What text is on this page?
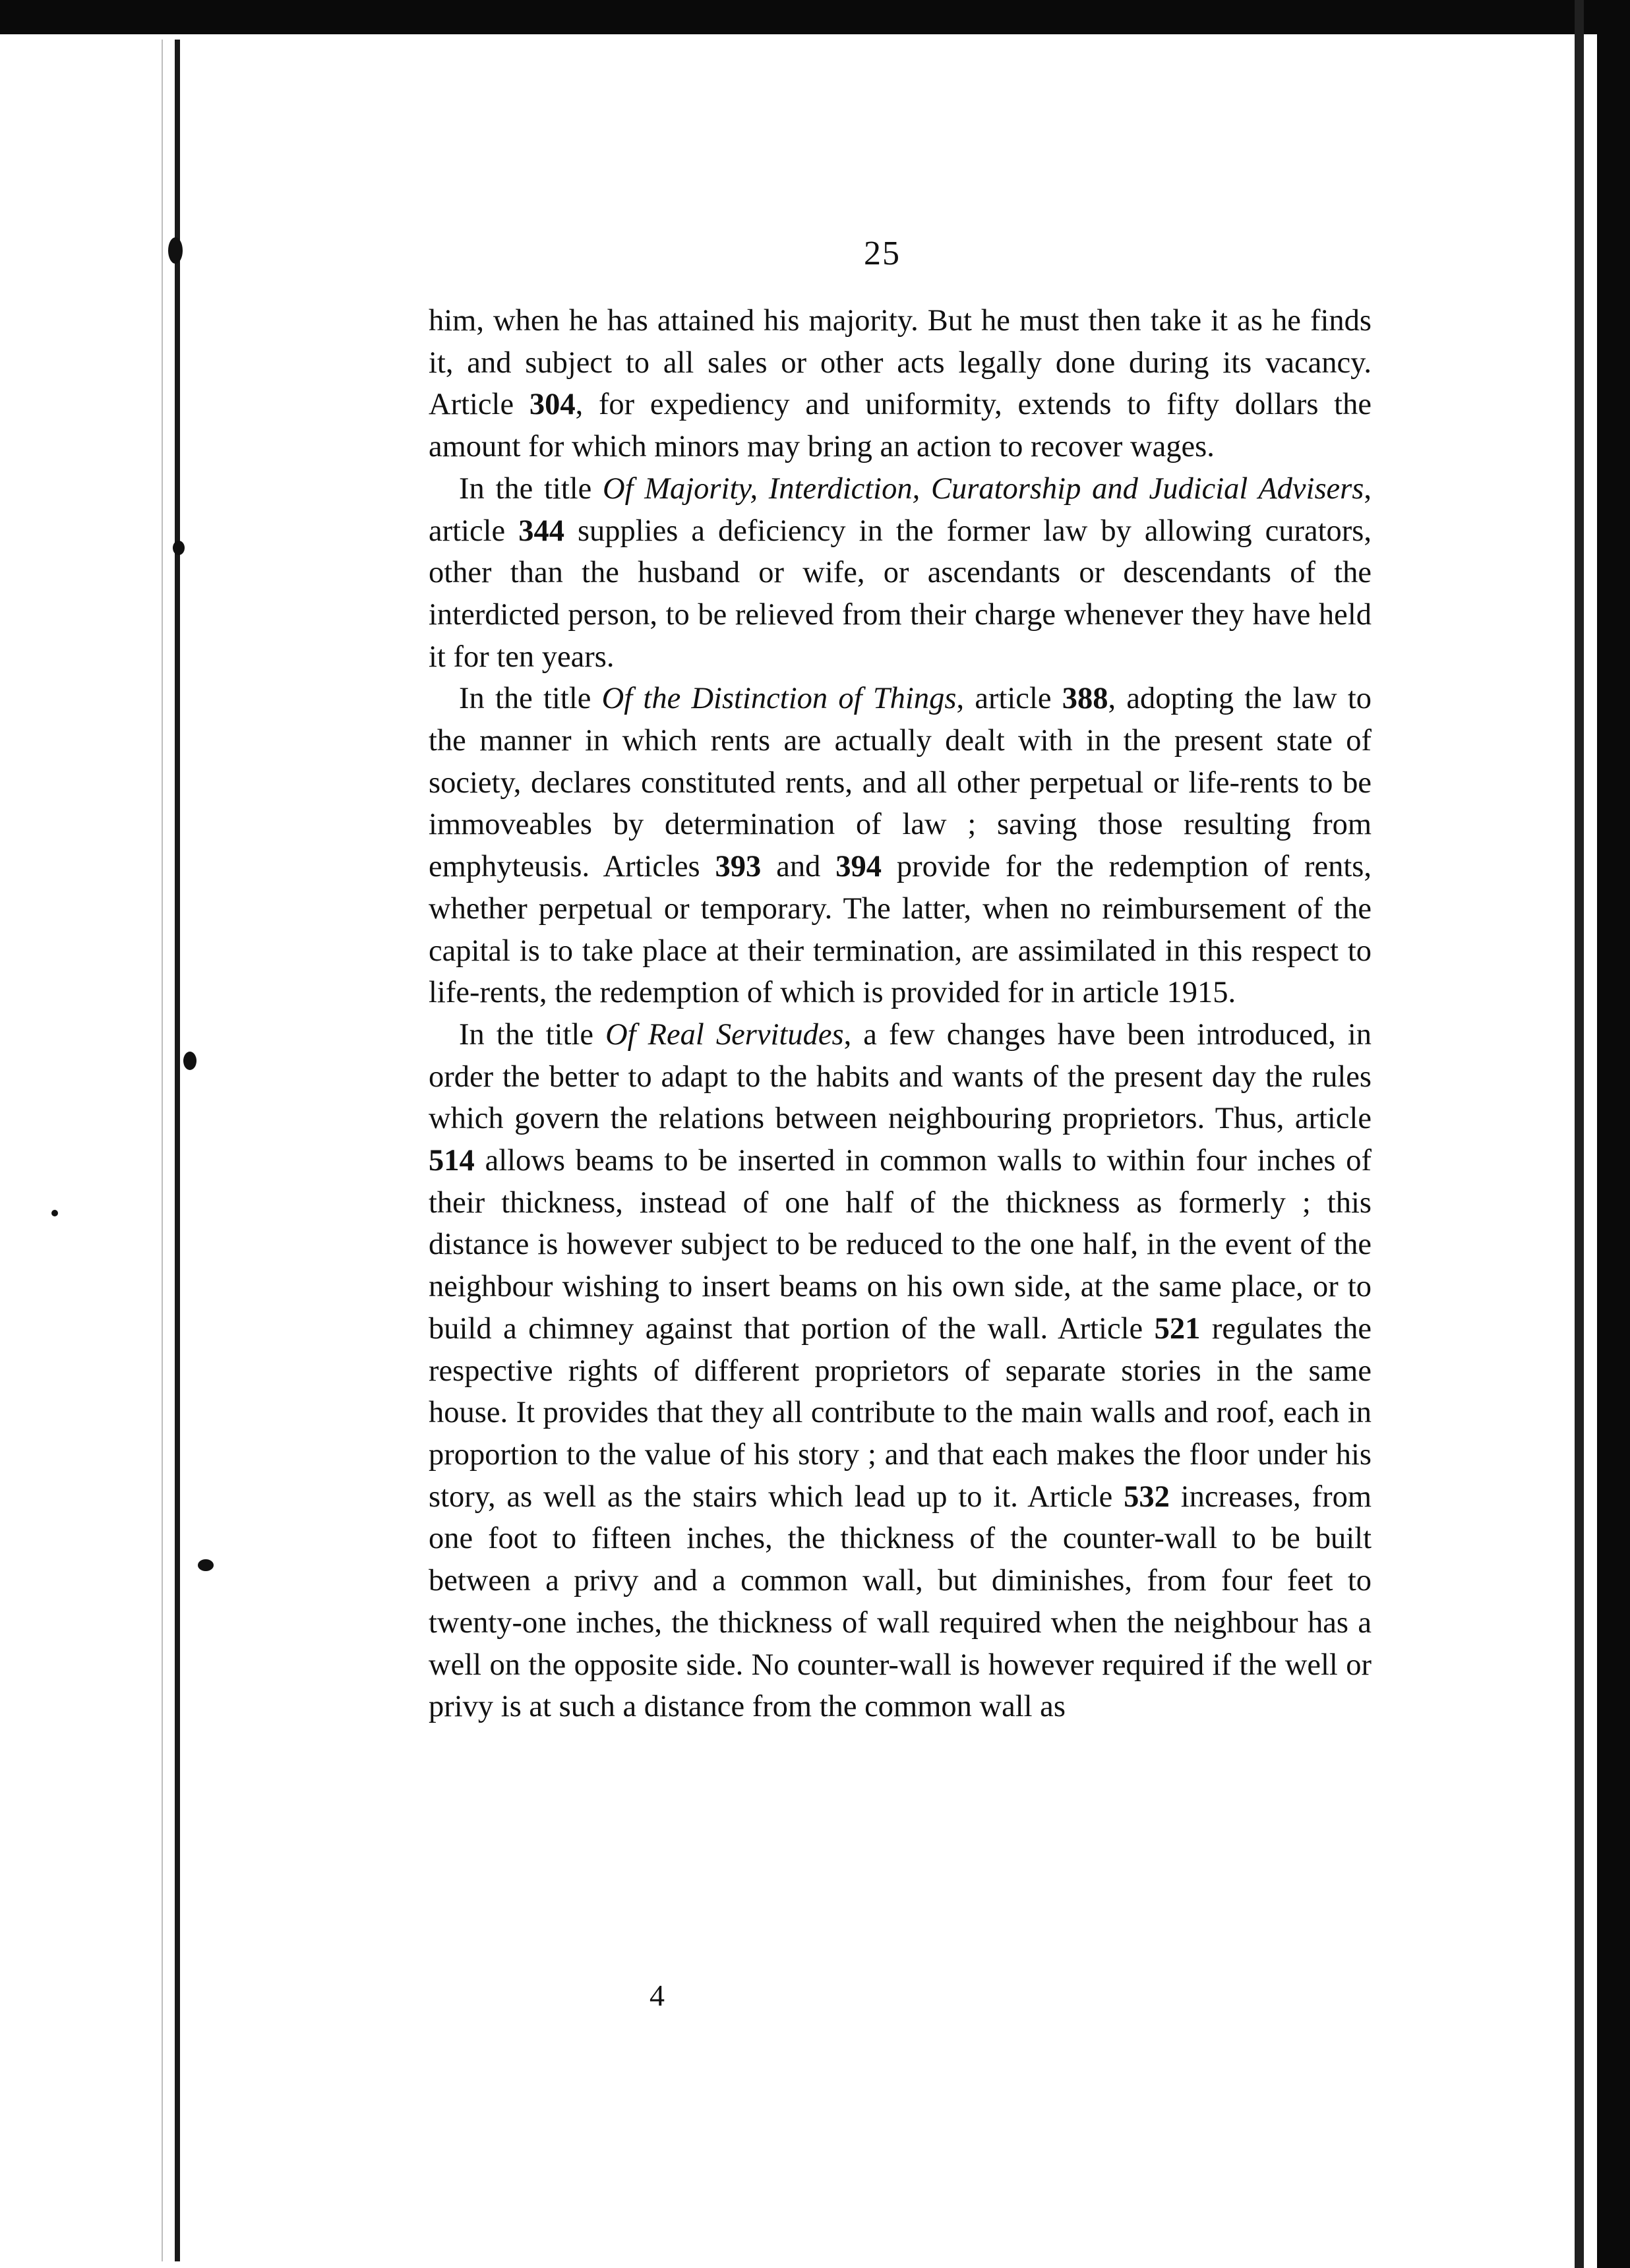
25

him, when he has attained his majority. But he must then take it as he finds it, and subject to all sales or other acts legally done during its vacancy. Article 304, for expediency and uniformity, extends to fifty dollars the amount for which minors may bring an action to recover wages.

In the title Of Majority, Interdiction, Curatorship and Judicial Advisers, article 344 supplies a deficiency in the former law by allowing curators, other than the husband or wife, or ascendants or descendants of the interdicted person, to be relieved from their charge whenever they have held it for ten years.

In the title Of the Distinction of Things, article 388, adopting the law to the manner in which rents are actually dealt with in the present state of society, declares constituted rents, and all other perpetual or life-rents to be immoveables by determination of law ; saving those resulting from emphyteusis. Articles 393 and 394 provide for the redemption of rents, whether perpetual or temporary. The latter, when no reimbursement of the capital is to take place at their termination, are assimilated in this respect to life-rents, the redemption of which is provided for in article 1915.

In the title Of Real Servitudes, a few changes have been introduced, in order the better to adapt to the habits and wants of the present day the rules which govern the relations between neighbouring proprietors. Thus, article 514 allows beams to be inserted in common walls to within four inches of their thickness, instead of one half of the thickness as formerly ; this distance is however subject to be reduced to the one half, in the event of the neighbour wishing to insert beams on his own side, at the same place, or to build a chimney against that portion of the wall. Article 521 regulates the respective rights of different proprietors of separate stories in the same house. It provides that they all contribute to the main walls and roof, each in proportion to the value of his story ; and that each makes the floor under his story, as well as the stairs which lead up to it. Article 532 increases, from one foot to fifteen inches, the thickness of the counter-wall to be built between a privy and a common wall, but diminishes, from four feet to twenty-one inches, the thickness of wall required when the neighbour has a well on the opposite side. No counter-wall is however required if the well or privy is at such a distance from the common wall as

4
